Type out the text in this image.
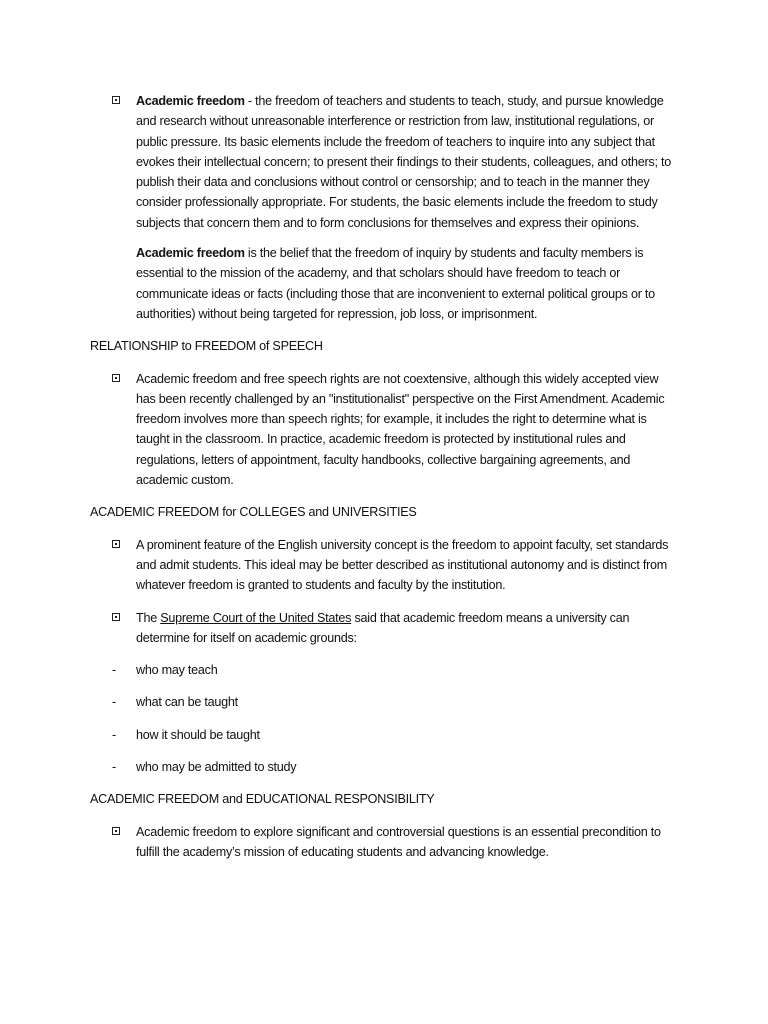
Academic freedom - the freedom of teachers and students to teach, study, and pursue knowledge and research without unreasonable interference or restriction from law, institutional regulations, or public pressure. Its basic elements include the freedom of teachers to inquire into any subject that evokes their intellectual concern; to present their findings to their students, colleagues, and others; to publish their data and conclusions without control or censorship; and to teach in the manner they consider professionally appropriate. For students, the basic elements include the freedom to study subjects that concern them and to form conclusions for themselves and express their opinions.

Academic freedom is the belief that the freedom of inquiry by students and faculty members is essential to the mission of the academy, and that scholars should have freedom to teach or communicate ideas or facts (including those that are inconvenient to external political groups or to authorities) without being targeted for repression, job loss, or imprisonment.

RELATIONSHIP to FREEDOM of SPEECH

Academic freedom and free speech rights are not coextensive, although this widely accepted view has been recently challenged by an "institutionalist" perspective on the First Amendment. Academic freedom involves more than speech rights; for example, it includes the right to determine what is taught in the classroom. In practice, academic freedom is protected by institutional rules and regulations, letters of appointment, faculty handbooks, collective bargaining agreements, and academic custom.

ACADEMIC FREEDOM for COLLEGES and UNIVERSITIES

A prominent feature of the English university concept is the freedom to appoint faculty, set standards and admit students. This ideal may be better described as institutional autonomy and is distinct from whatever freedom is granted to students and faculty by the institution.

The Supreme Court of the United States said that academic freedom means a university can determine for itself on academic grounds:

- who may teach
- what can be taught
- how it should be taught
- who may be admitted to study
ACADEMIC FREEDOM and EDUCATIONAL RESPONSIBILITY

Academic freedom to explore significant and controversial questions is an essential precondition to fulfill the academy’s mission of educating students and advancing knowledge.
